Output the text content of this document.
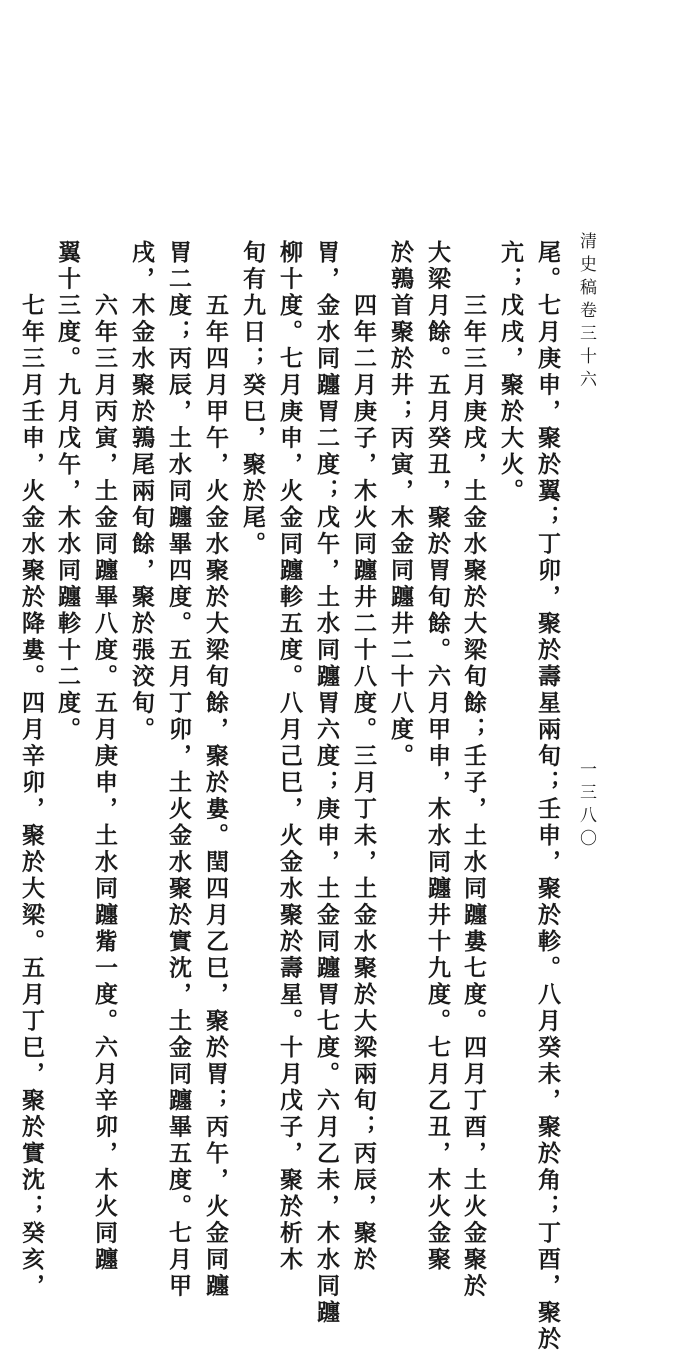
清史稿卷三十六
一三八〇
尾。七月庚申，聚於翼；丁卯，聚於壽星兩旬；壬申，聚於軫。八月癸未，聚於角；丁酉，聚於
亢；戊戌，聚於大火。
三年三月庚戌，土金水聚於大梁旬餘；壬子，土水同躔婁七度。四月丁酉，土火金聚於
大梁月餘。五月癸丑，聚於胃旬餘。六月甲申，木水同躔井十九度。七月乙丑，木火金聚
於鶉首聚於井；丙寅，木金同躔井二十八度。
四年二月庚子，木火同躔井二十八度。三月丁未，土金水聚於大梁兩旬；丙辰，聚於
胃，金水同躔胃二度；戊午，土水同躔胃六度；庚申，土金同躔胃七度。六月乙未，木水同躔
柳十度。七月庚申，火金同躔軫五度。八月己巳，火金水聚於壽星。十月戊子，聚於析木
旬有九日；癸巳，聚於尾。
五年四月甲午，火金水聚於大梁旬餘，聚於婁。閏四月乙巳，聚於胃；丙午，火金同躔
胃二度；丙辰，土水同躔畢四度。五月丁卯，土火金水聚於實沈，土金同躔畢五度。七月甲
戌，木金水聚於鶉尾兩旬餘，聚於張洨旬。
六年三月丙寅，土金同躔畢八度。五月庚申，土水同躔觜一度。六月辛卯，木火同躔
翼十三度。九月戊午，木水同躔軫十二度。
七年三月壬申，火金水聚於降婁。四月辛卯，聚於大梁。五月丁巳，聚於實沈；癸亥，
